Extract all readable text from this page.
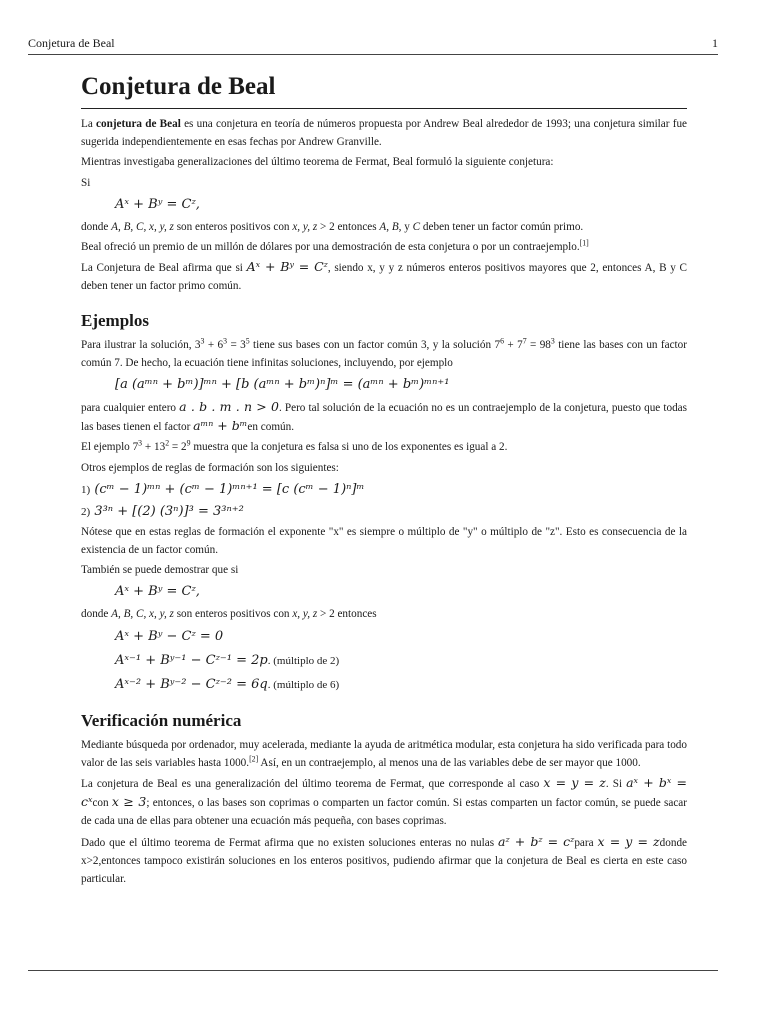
Conjetura de Beal	1
Conjetura de Beal

La conjetura de Beal es una conjetura en teoría de números propuesta por Andrew Beal alrededor de 1993; una conjetura similar fue sugerida independientemente en esas fechas por Andrew Granville.

Mientras investigaba generalizaciones del último teorema de Fermat, Beal formuló la siguiente conjetura:

Si

Aˣ + Bʸ = Cᶻ,

donde A, B, C, x, y, z son enteros positivos con x, y, z > 2 entonces A, B, y C deben tener un factor común primo.

Beal ofreció un premio de un millón de dólares por una demostración de esta conjetura o por un contraejemplo.[1]

La Conjetura de Beal afirma que si Aˣ + Bʸ = Cᶻ, siendo x, y y z números enteros positivos mayores que 2, entonces A, B y C deben tener un factor primo común.

Ejemplos

Para ilustrar la solución, $3^3 + 6^3 = 3^5$ tiene sus bases con un factor común 3, y la solución $7^6 + 7^7 = 98^3$ tiene las bases con un factor común 7. De hecho, la ecuación tiene infinitas soluciones, incluyendo, por ejemplo

[a (aᵐⁿ + bᵐ)]ᵐⁿ + [b (aᵐⁿ + bᵐ)ⁿ]ᵐ = (aᵐⁿ + bᵐ)ᵐⁿ⁺¹

para cualquier entero a . b . m . n > 0. Pero tal solución de la ecuación no es un contraejemplo de la conjetura, puesto que todas las bases tienen el factor aᵐⁿ + bᵐen común.

El ejemplo $7^3 + 13^2 = 2^9$ muestra que la conjetura es falsa si uno de los exponentes es igual a 2.

Otros ejemplos de reglas de formación son los siguientes:

1) (cᵐ − 1)ᵐⁿ + (cᵐ − 1)ᵐⁿ⁺¹ = [c (cᵐ − 1)ⁿ]ᵐ
2) 3³ⁿ + [(2) (3ⁿ)]³ = 3³ⁿ⁺²

Nótese que en estas reglas de formación el exponente "x" es siempre o múltiplo de "y" o múltiplo de "z". Esto es consecuencia de la existencia de un factor común.

También se puede demostrar que si

Aˣ + Bʸ = Cᶻ,

donde A, B, C, x, y, z son enteros positivos con x, y, z > 2 entonces

Aˣ + Bʸ − Cᶻ = 0
Aˣ⁻¹ + Bʸ⁻¹ − Cᶻ⁻¹ = 2p. (múltiplo de 2)
Aˣ⁻² + Bʸ⁻² − Cᶻ⁻² = 6q. (múltiplo de 6)
Verificación numérica

Mediante búsqueda por ordenador, muy acelerada, mediante la ayuda de aritmética modular, esta conjetura ha sido verificada para todo valor de las seis variables hasta 1000.[2] Así, en un contraejemplo, al menos una de las variables debe de ser mayor que 1000.

La conjetura de Beal es una generalización del último teorema de Fermat, que corresponde al caso x = y = z. Si aˣ + bˣ = cˣcon x ≥ 3; entonces, o las bases son coprimas o comparten un factor común. Si estas comparten un factor común, se puede sacar de cada una de ellas para obtener una ecuación más pequeña, con bases coprimas.

Dado que el último teorema de Fermat afirma que no existen soluciones enteras no nulas aᶻ + bᶻ = cᶻpara x = y = zdonde x>2,entonces tampoco existirán soluciones en los enteros positivos, pudiendo afirmar que la conjetura de Beal es cierta en este caso particular.
